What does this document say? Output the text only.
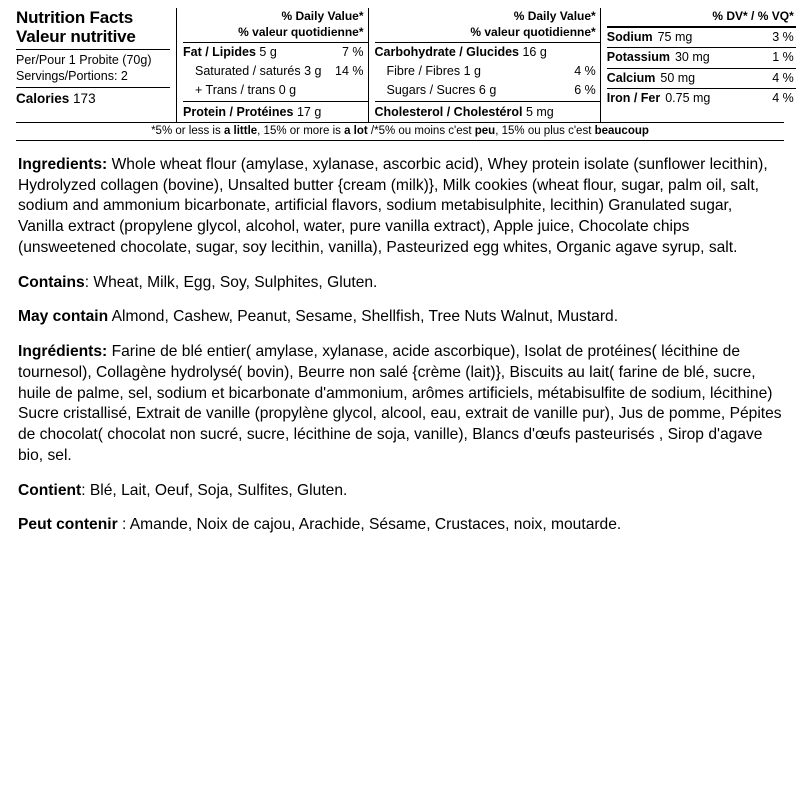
Nutrition Facts
Valeur nutritive
Per/Pour 1 Probite (70g)
Servings/Portions: 2
Calories 173
% Daily Value*
% valeur quotidienne*
Fat / Lipides 5 g	7 %
Saturated / saturés 3 g	14 %
+ Trans / trans 0 g
Protein / Protéines 17 g
% Daily Value*
% valeur quotidienne*
Carbohydrate / Glucides 16 g
Fibre / Fibres 1 g	4 %
Sugars / Sucres 6 g	6 %
Cholesterol / Cholestérol 5 mg
% DV* / % VQ*
Sodium 75 mg	3 %
Potassium 30 mg	1 %
Calcium 50 mg	4 %
Iron / Fer 0.75 mg	4 %
*5% or less is a little, 15% or more is a lot /*5% ou moins c'est peu, 15% ou plus c'est beaucoup

Ingredients: Whole wheat flour (amylase, xylanase, ascorbic acid), Whey protein isolate (sunflower lecithin), Hydrolyzed collagen (bovine), Unsalted butter {cream (milk)}, Milk cookies (wheat flour, sugar, palm oil, salt, sodium and ammonium bicarbonate, artificial flavors, sodium metabisulphite, lecithin) Granulated sugar, Vanilla extract (propylene glycol, alcohol, water, pure vanilla extract), Apple juice, Chocolate chips (unsweetened chocolate, sugar, soy lecithin, vanilla), Pasteurized egg whites, Organic agave syrup, salt.

Contains: Wheat, Milk, Egg, Soy, Sulphites, Gluten.

May contain Almond, Cashew, Peanut, Sesame, Shellfish, Tree Nuts Walnut, Mustard.

Ingrédients: Farine de blé entier( amylase, xylanase, acide ascorbique), Isolat de protéines( lécithine de tournesol), Collagène hydrolysé( bovin), Beurre non salé {crème (lait)}, Biscuits au lait( farine de blé, sucre, huile de palme, sel, sodium et bicarbonate d'ammonium, arômes artificiels, métabisulfite de sodium, lécithine) Sucre cristallisé, Extrait de vanille (propylène glycol, alcool, eau, extrait de vanille pur), Jus de pomme, Pépites de chocolat( chocolat non sucré, sucre, lécithine de soja, vanille), Blancs d'œufs pasteurisés , Sirop d'agave bio, sel.

Contient: Blé, Lait, Oeuf, Soja, Sulfites, Gluten.

Peut contenir : Amande, Noix de cajou, Arachide, Sésame, Crustaces, noix, moutarde.
